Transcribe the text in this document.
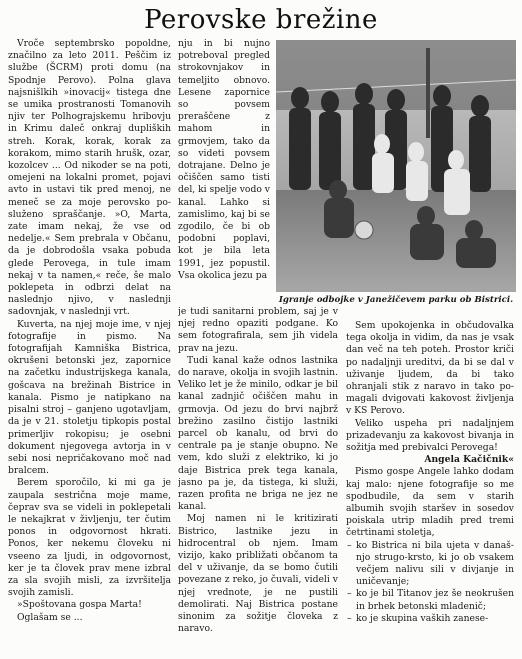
Perovske brežine

Vroče septembrsko popoldne, značilno za leto 2011. Peščim iz službe (ŠCRM) proti domu (na Spodnje Perovo). Polna glava najsnišlkih »inovacij« tistega dne se umika prostranosti Tomanovih njiv ter Polhograjskemu hribovju in Krimu daleč onkraj dupliških streh. Korak, korak, korak za korakom, mimo starih hrušk, ozar, kozolcev ... Od nikoder se na poti, omejeni na lokalni promet, pojavi avto in ustavi tik pred menoj, ne meneč se za moje perovsko posluženo spraščanje. »O, Marta, zate imam nekaj, že vse od nedelje.« Sem prebrala v Občanu, da je dobrodošla vsaka pobuda glede Perovega, in tule imam nekaj v ta namen,« reče, še malo poklepeta in odbrzi delat na naslednjo njivo, v naslednji sadovnjak, v naslednji vrt.

Kuverta, na njej moje ime, v njej fotografije in pismo. Na fotografijah Kamniška Bistrica, okrušeni betonski jez, zapornice na začetku industrijskega kanala, gošcava na brežinah Bistrice in kanala. Pismo je natipkano na pisalni stroj – ganjeno ugotavljam, da je v 21. stoletju tipkopis postal primerljiv rokopisu; je osebni dokument njegovega avtorja in v sebi nosi nepričakovano moč nad bralcem.

Berem sporočilo, ki mi ga je zaupala sestrična moje mame, čeprav sva se videli in poklepetali le nekajkrat v življenju, ter čutim ponos in odgovornost hkrati. Ponos, ker nekemu človeku ni vseeno za ljudi, in odgovornost, ker je ta človek prav mene izbral za sla svojih misli, za izvršitelja svojih zamisli.

»Spoštovana gospa Marta!

Oglašam se ...

nju in bi nujno potreboval pregled strokovnjakov in temeljito obnovo. Lesene zapornice so povsem preraščene z mahom in grmovjem, tako da so videti povsem dotrajane. Delno je očiščen samo tisti del, ki spelje vodo v kanal. Lahko si zamislimo, kaj bi se zgodilo, če bi ob podobni poplavi, kot je bila leta 1991, jez popustil. Vsa okolica jezu pa

Igranje odbojke v Janežičevem parku ob Bistrici.

je tudi sanitarni problem, saj je v njej redno opaziti podgane. Ko sem fotografirala, sem jih videla prav na jezu.

Tudi kanal kaže odnos lastnika do narave, okolja in svojih lastnin. Veliko let je že minilo, odkar je bil kanal zadnjič očiščen mahu in grmovja. Od jezu do brvi najbrž brežino zasilno čistijo lastniki parcel ob kanalu, od brvi do centrale pa je stanje obupno. Ne vem, kdo služi z elektriko, ki jo daje Bistrica prek tega kanala, jasno pa je, da tistega, ki služi, razen profita ne briga ne jez ne kanal.

Moj namen ni le kritizirati Bistrico, lastnike jezu in hidrocentral ob njem. Imam vizijo, kako približati občanom ta del v uživanje, da se bomo čutili povezane z reko, jo čuvali, videli v njej vrednote, je ne pustili demolirati. Naj Bistrica postane sinonim za sožitje človeka z naravo.

Sem upokojenka in občudovalka tega okolja in vidim, da nas je vsak dan več na teh poteh. Prostor kriči po nadaljnji ureditvi, da bi se dal v uživanje ljudem, da bi tako ohranjali stik z naravo in tako pomagali dvigovati kakovost življenja v KS Perovo.

Veliko uspeha pri nadaljnjem prizadevanju za kakovost bivanja in sožitja med prebivalci Perovega!

Angela Kačičnik«

Pismo gospe Angele lahko dodam kaj malo: njene fotografije so me spodbudile, da sem v starih albumih svojih staršev in sosedov poiskala utrip mladih pred tremi četrtinami stoletja,

– ko Bistrica ni bila ujeta v današnjo strugo-krsto, ki jo ob vsakem večjem nalivu sili v divjanje in uničevanje;
– ko je bil Titanov jez še neokrušen in brhek betonski mladenič;
– ko je skupina vaških zanese-
